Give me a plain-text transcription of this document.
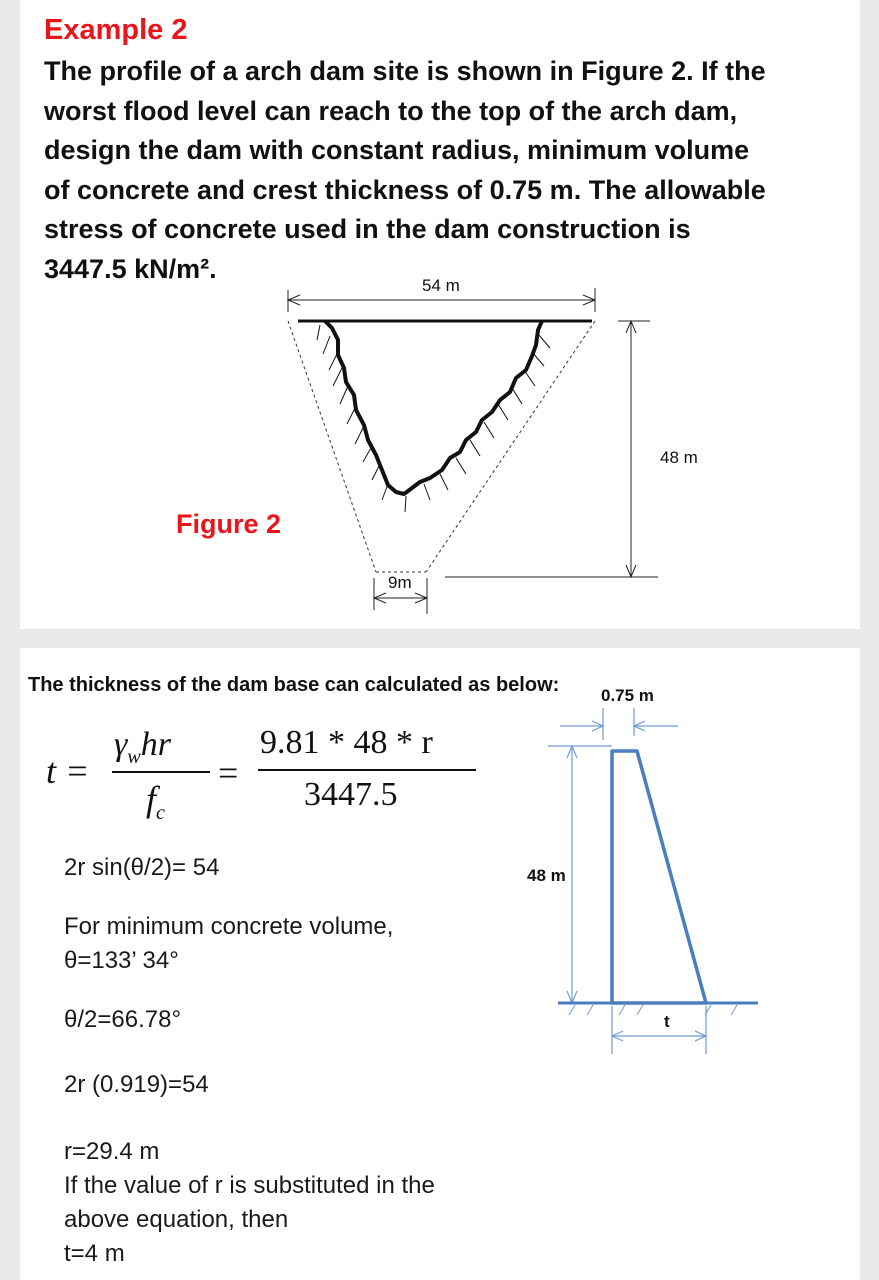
Example 2
The profile of a arch dam site is shown in Figure 2. If the
worst flood level can reach to the top of the arch dam,
design the dam with constant radius, minimum volume
of concrete and crest thickness of 0.75 m. The allowable
stress of concrete used in the dam construction is
3447.5 kN/m².
Figure 2
54 m
48 m
9m
The thickness of the dam base can calculated as below:
t =
$\gamma_whr$
$f_c$
=
9.81 * 48 * r
3447.5
2r sin(θ/2)= 54
For minimum concrete volume,
θ=133’ 34°
θ/2=66.78°
2r (0.919)=54
r=29.4 m
If the value of r is substituted in the
above equation, then
t=4 m
0.75 m
48 m
t
